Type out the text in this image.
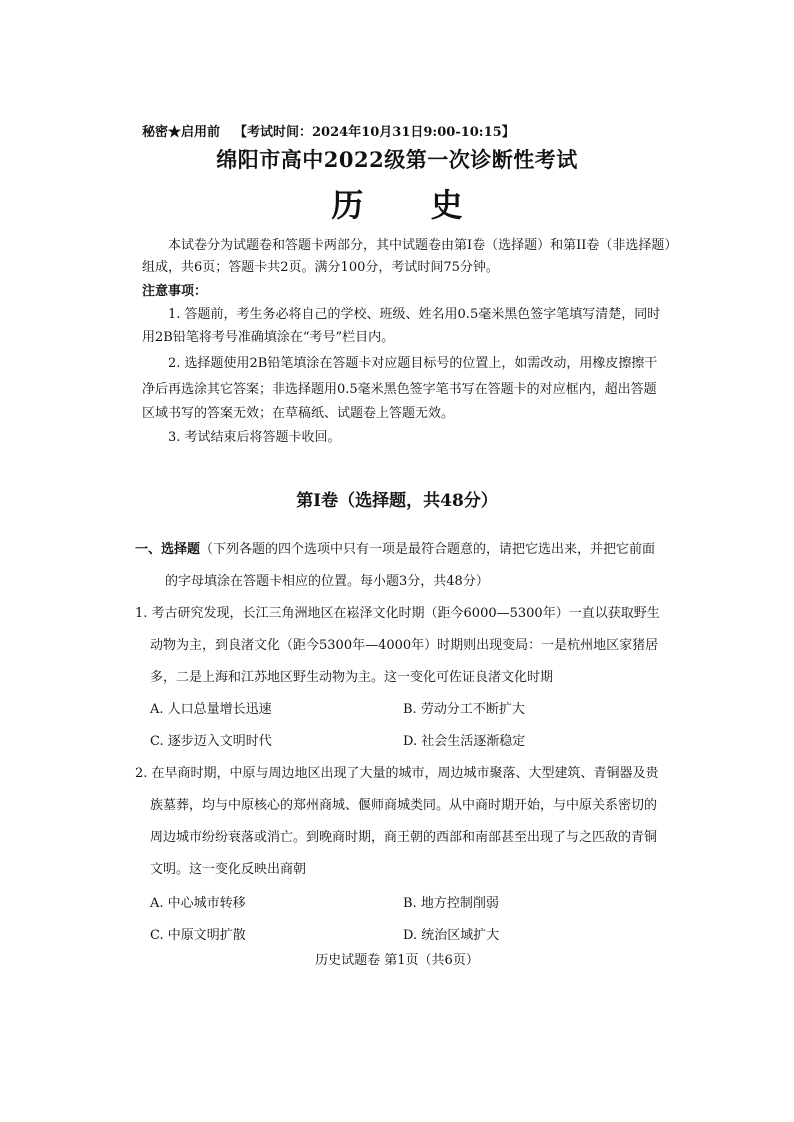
秘密★启用前 【考试时间：2024年10月31日9:00-10:15】
绵阳市高中2022级第一次诊断性考试
历 史
本试卷分为试题卷和答题卡两部分，其中试题卷由第I卷（选择题）和第II卷（非选择题）
组成，共6页；答题卡共2页。满分100分，考试时间75分钟。
注意事项：
1. 答题前，考生务必将自己的学校、班级、姓名用0.5毫米黑色签字笔填写清楚，同时
用2B铅笔将考号准确填涂在“考号”栏目内。
2. 选择题使用2B铅笔填涂在答题卡对应题目标号的位置上，如需改动，用橡皮擦擦干
净后再选涂其它答案；非选择题用0.5毫米黑色签字笔书写在答题卡的对应框内，超出答题
区域书写的答案无效；在草稿纸、试题卷上答题无效。
3. 考试结束后将答题卡收回。
第Ⅰ卷（选择题，共48分）
一、选择题（下列各题的四个选项中只有一项是最符合题意的，请把它选出来，并把它前面
的字母填涂在答题卡相应的位置。每小题3分，共48分）
1. 考古研究发现，长江三角洲地区在崧泽文化时期（距今6000—5300年）一直以获取野生
动物为主，到良渚文化（距今5300年—4000年）时期则出现变局：一是杭州地区家猪居
多，二是上海和江苏地区野生动物为主。这一变化可佐证良渚文化时期
A. 人口总量增长迅速	B. 劳动分工不断扩大
C. 逐步迈入文明时代	D. 社会生活逐渐稳定
2. 在早商时期，中原与周边地区出现了大量的城市，周边城市聚落、大型建筑、青铜器及贵
族墓葬，均与中原核心的郑州商城、偃师商城类同。从中商时期开始，与中原关系密切的
周边城市纷纷衰落或消亡。到晚商时期，商王朝的西部和南部甚至出现了与之匹敌的青铜
文明。这一变化反映出商朝
A. 中心城市转移	B. 地方控制削弱
C. 中原文明扩散	D. 统治区域扩大
历史试题卷 第1页（共6页）
